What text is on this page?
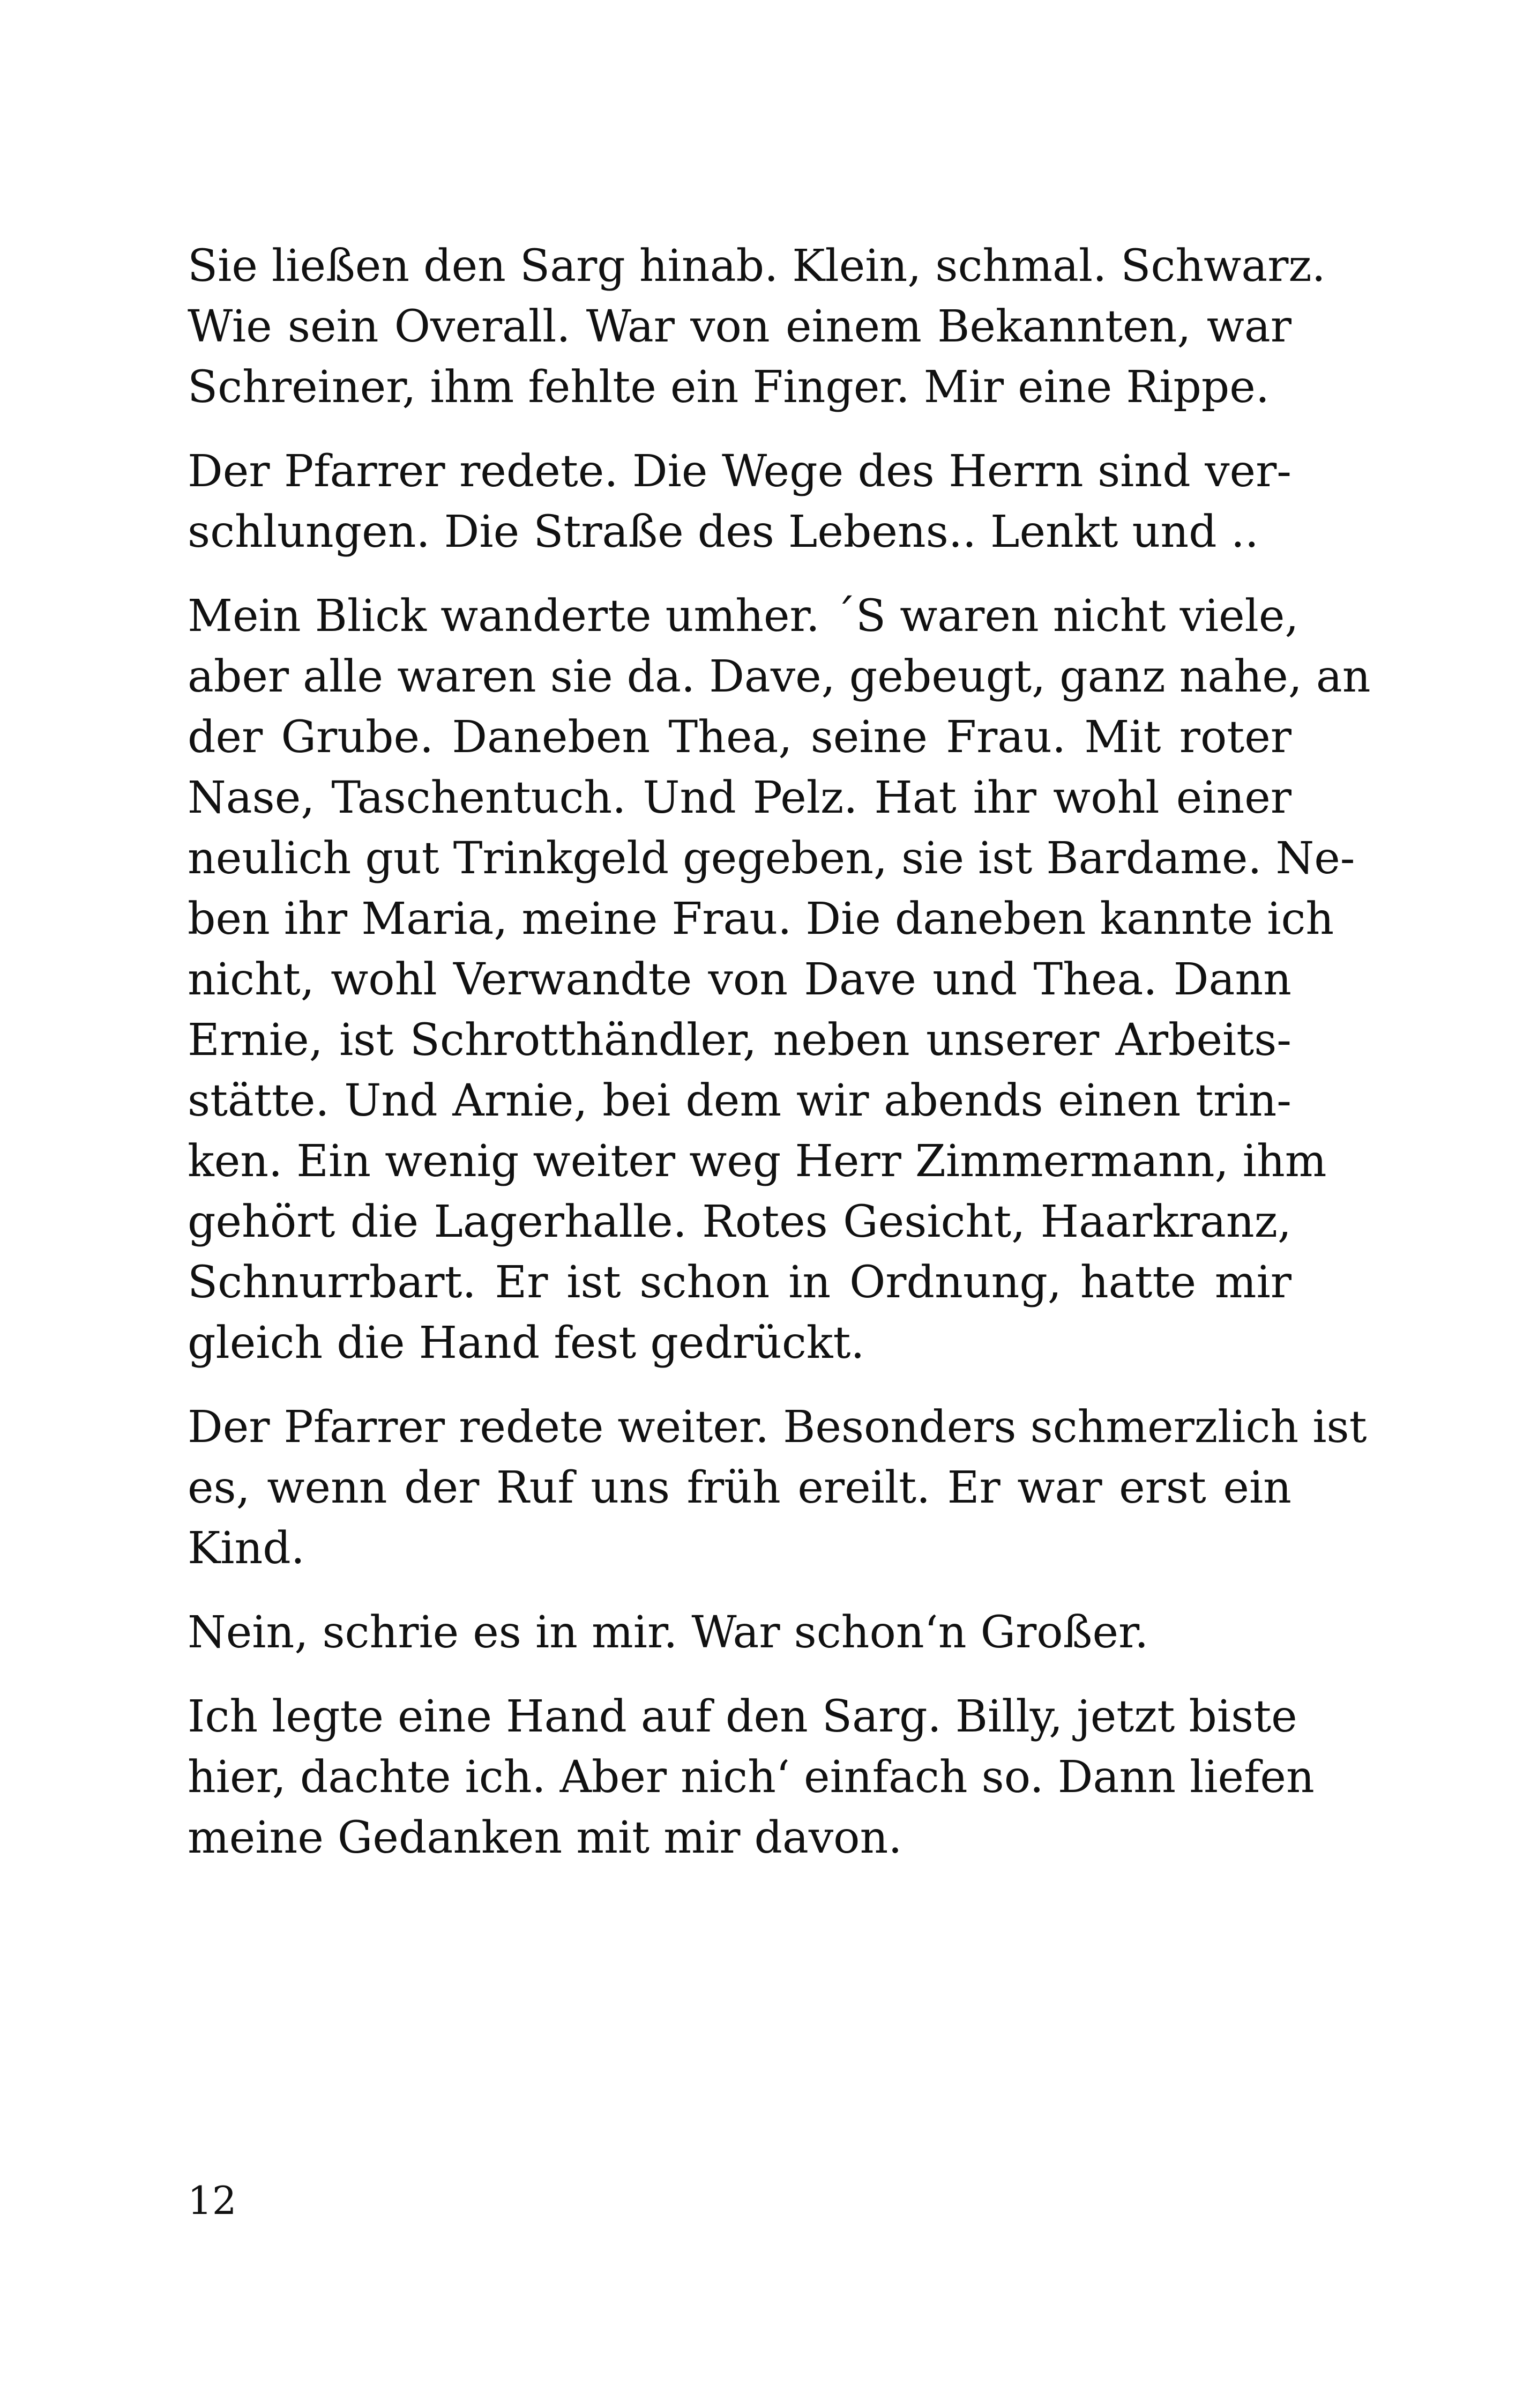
Sie ließen den Sarg hinab. Klein, schmal. Schwarz.
Wie sein Overall. War von einem Bekannten, war
Schreiner, ihm fehlte ein Finger. Mir eine Rippe.
Der Pfarrer redete. Die Wege des Herrn sind ver-
schlungen. Die Straße des Lebens.. Lenkt und ..
Mein Blick wanderte umher. ´S waren nicht viele,
aber alle waren sie da. Dave, gebeugt, ganz nahe, an
der Grube. Daneben Thea, seine Frau. Mit roter
Nase, Taschentuch. Und Pelz. Hat ihr wohl einer
neulich gut Trinkgeld gegeben, sie ist Bardame. Ne-
ben ihr Maria, meine Frau. Die daneben kannte ich
nicht, wohl Verwandte von Dave und Thea. Dann
Ernie, ist Schrotthändler, neben unserer Arbeits-
stätte. Und Arnie, bei dem wir abends einen trin-
ken. Ein wenig weiter weg Herr Zimmermann, ihm
gehört die Lagerhalle. Rotes Gesicht, Haarkranz,
Schnurrbart. Er ist schon in Ordnung, hatte mir
gleich die Hand fest gedrückt.
Der Pfarrer redete weiter. Besonders schmerzlich ist
es, wenn der Ruf uns früh ereilt. Er war erst ein
Kind.
Nein, schrie es in mir. War schon‘n Großer.
Ich legte eine Hand auf den Sarg. Billy, jetzt biste
hier, dachte ich. Aber nich‘ einfach so. Dann liefen
meine Gedanken mit mir davon.
12
